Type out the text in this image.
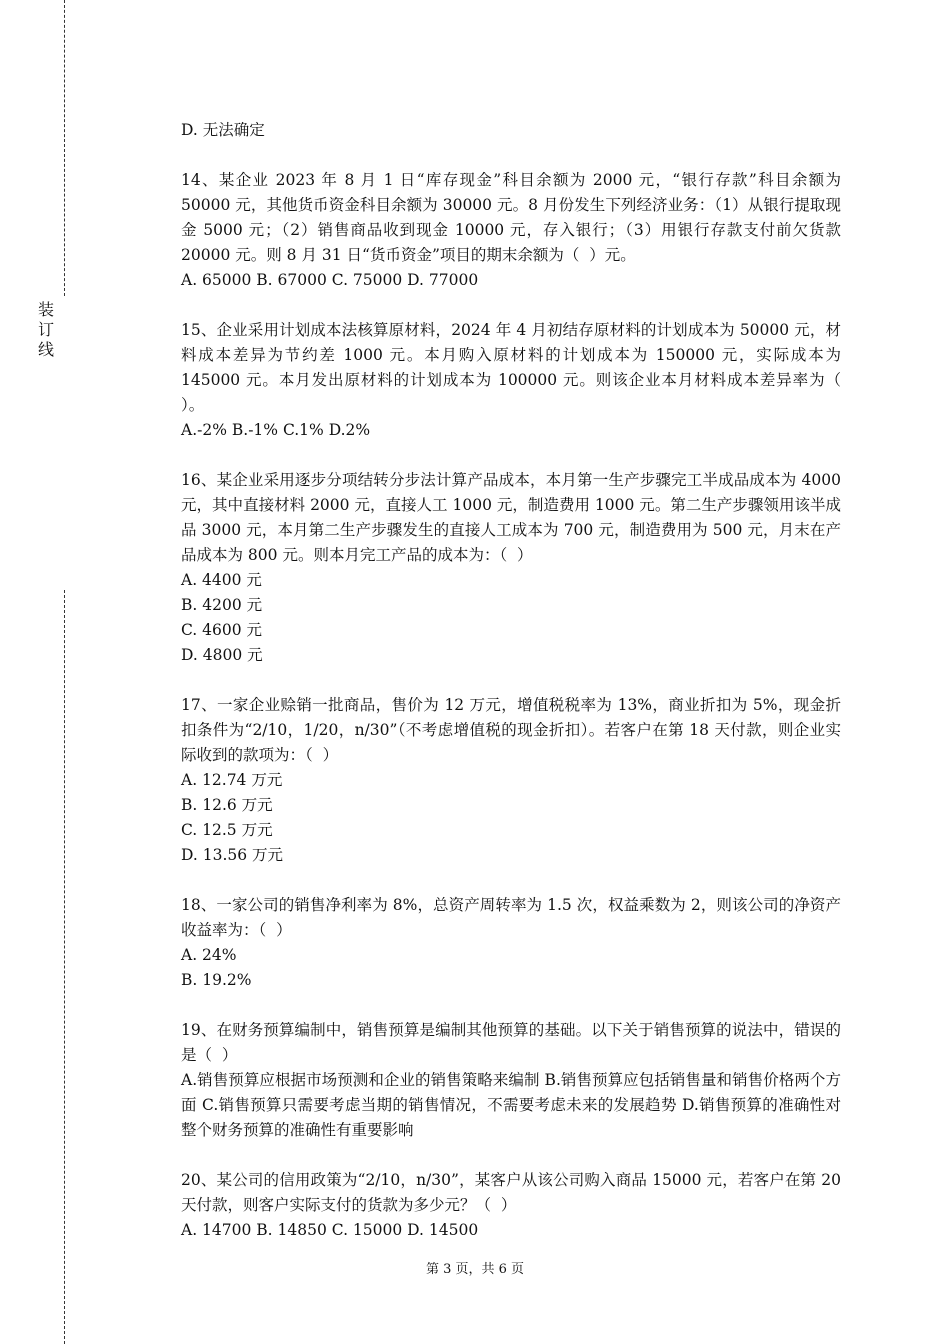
装
订
线
D. 无法确定
14、某企业 2023 年 8 月 1 日“库存现金”科目余额为 2000 元，“银行存款”科目余额为 50000 元，其他货币资金科目余额为 30000 元。8 月份发生下列经济业务：（1）从银行提取现金 5000 元；（2）销售商品收到现金 10000 元，存入银行；（3）用银行存款支付前欠货款 20000 元。则 8 月 31 日“货币资金”项目的期末余额为（  ）元。
A. 65000 B. 67000 C. 75000 D. 77000
15、企业采用计划成本法核算原材料，2024 年 4 月初结存原材料的计划成本为 50000 元，材料成本差异为节约差 1000 元。本月购入原材料的计划成本为 150000 元，实际成本为 145000 元。本月发出原材料的计划成本为 100000 元。则该企业本月材料成本差异率为（  ）。
A.-2% B.-1% C.1% D.2%
16、某企业采用逐步分项结转分步法计算产品成本，本月第一生产步骤完工半成品成本为 4000 元，其中直接材料 2000 元，直接人工 1000 元，制造费用 1000 元。第二生产步骤领用该半成品 3000 元，本月第二生产步骤发生的直接人工成本为 700 元，制造费用为 500 元，月末在产品成本为 800 元。则本月完工产品的成本为：（  ）
A. 4400 元
B. 4200 元
C. 4600 元
D. 4800 元
17、一家企业赊销一批商品，售价为 12 万元，增值税税率为 13%，商业折扣为 5%，现金折扣条件为“2/10，1/20，n/30”（不考虑增值税的现金折扣）。若客户在第 18 天付款，则企业实际收到的款项为：（  ）
A. 12.74 万元
B. 12.6 万元
C. 12.5 万元
D. 13.56 万元
18、一家公司的销售净利率为 8%，总资产周转率为 1.5 次，权益乘数为 2，则该公司的净资产收益率为：（  ）
A. 24%
B. 19.2%
19、在财务预算编制中，销售预算是编制其他预算的基础。以下关于销售预算的说法中，错误的是（  ）
A.销售预算应根据市场预测和企业的销售策略来编制 B.销售预算应包括销售量和销售价格两个方面 C.销售预算只需要考虑当期的销售情况，不需要考虑未来的发展趋势 D.销售预算的准确性对整个财务预算的准确性有重要影响
20、某公司的信用政策为“2/10，n/30”，某客户从该公司购入商品 15000 元，若客户在第 20 天付款，则客户实际支付的货款为多少元？（  ）
A. 14700 B. 14850 C. 15000 D. 14500
第 3 页，共 6 页
